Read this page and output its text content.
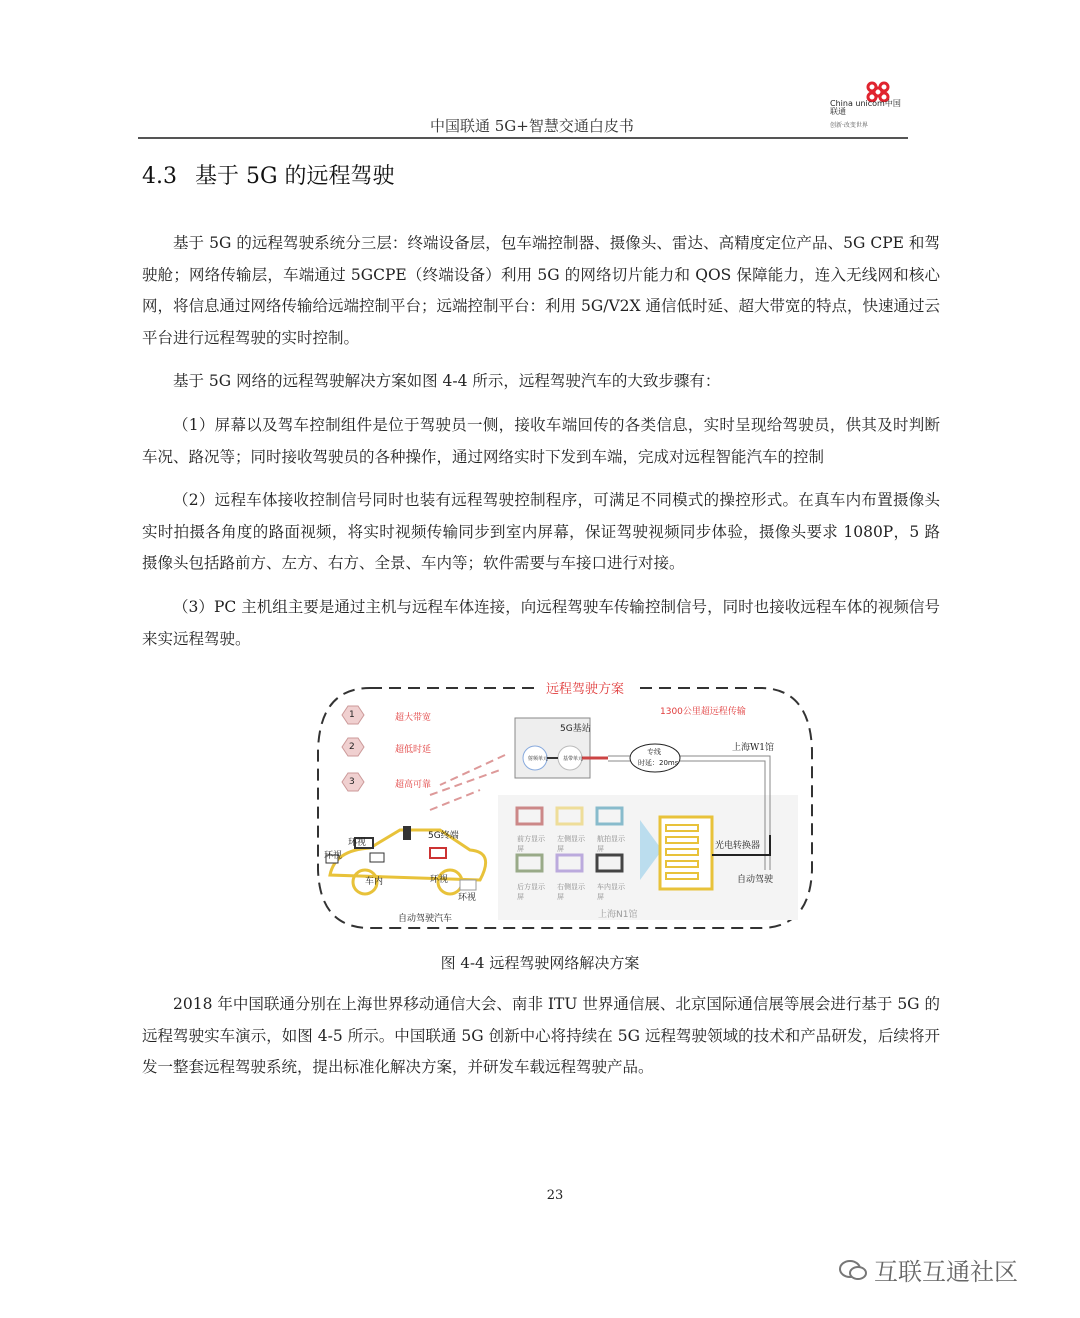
中国联通 5G+智慧交通白皮书
China unicom中国联通
创新·改变世界
4.3 基于 5G 的远程驾驶
基于 5G 的远程驾驶系统分三层：终端设备层，包车端控制器、摄像头、雷达、高精度定位产品、5G CPE 和驾驶舱；网络传输层，车端通过 5GCPE（终端设备）利用 5G 的网络切片能力和 QOS 保障能力，连入无线网和核心网，将信息通过网络传输给远端控制平台；远端控制平台：利用 5G/V2X 通信低时延、超大带宽的特点，快速通过云平台进行远程驾驶的实时控制。
基于 5G 网络的远程驾驶解决方案如图 4-4 所示，远程驾驶汽车的大致步骤有：
（1）屏幕以及驾车控制组件是位于驾驶员一侧，接收车端回传的各类信息，实时呈现给驾驶员，供其及时判断车况、路况等；同时接收驾驶员的各种操作，通过网络实时下发到车端，完成对远程智能汽车的控制
（2）远程车体接收控制信号同时也装有远程驾驶控制程序，可满足不同模式的操控形式。在真车内布置摄像头实时拍摄各角度的路面视频，将实时视频传输同步到室内屏幕，保证驾驶视频同步体验，摄像头要求 1080P，5 路摄像头包括路前方、左方、右方、全景、车内等；软件需要与车接口进行对接。
（3）PC 主机组主要是通过主机与远程车体连接，向远程驾驶车传输控制信号，同时也接收远程车体的视频信号来实远程驾驶。
远程驾驶方案
1
2
3
超大带宽
超低时延
超高可靠
1300公里超远程传输
5G基站
射频单元	基带单元
专线
时延：20ms
上海W1馆
5G终端
环视
环视
车内	环视
环视
自动驾驶汽车
前方显示屏
左侧显示屏
航拍显示屏
后方显示屏
右侧显示屏
车内显示屏
光电转换器
自动驾驶
上海N1馆
图 4-4 远程驾驶网络解决方案
2018 年中国联通分别在上海世界移动通信大会、南非 ITU 世界通信展、北京国际通信展等展会进行基于 5G 的远程驾驶实车演示，如图 4-5 所示。中国联通 5G 创新中心将持续在 5G 远程驾驶领域的技术和产品研发，后续将开发一整套远程驾驶系统，提出标准化解决方案，并研发车载远程驾驶产品。
23
互联互通社区
